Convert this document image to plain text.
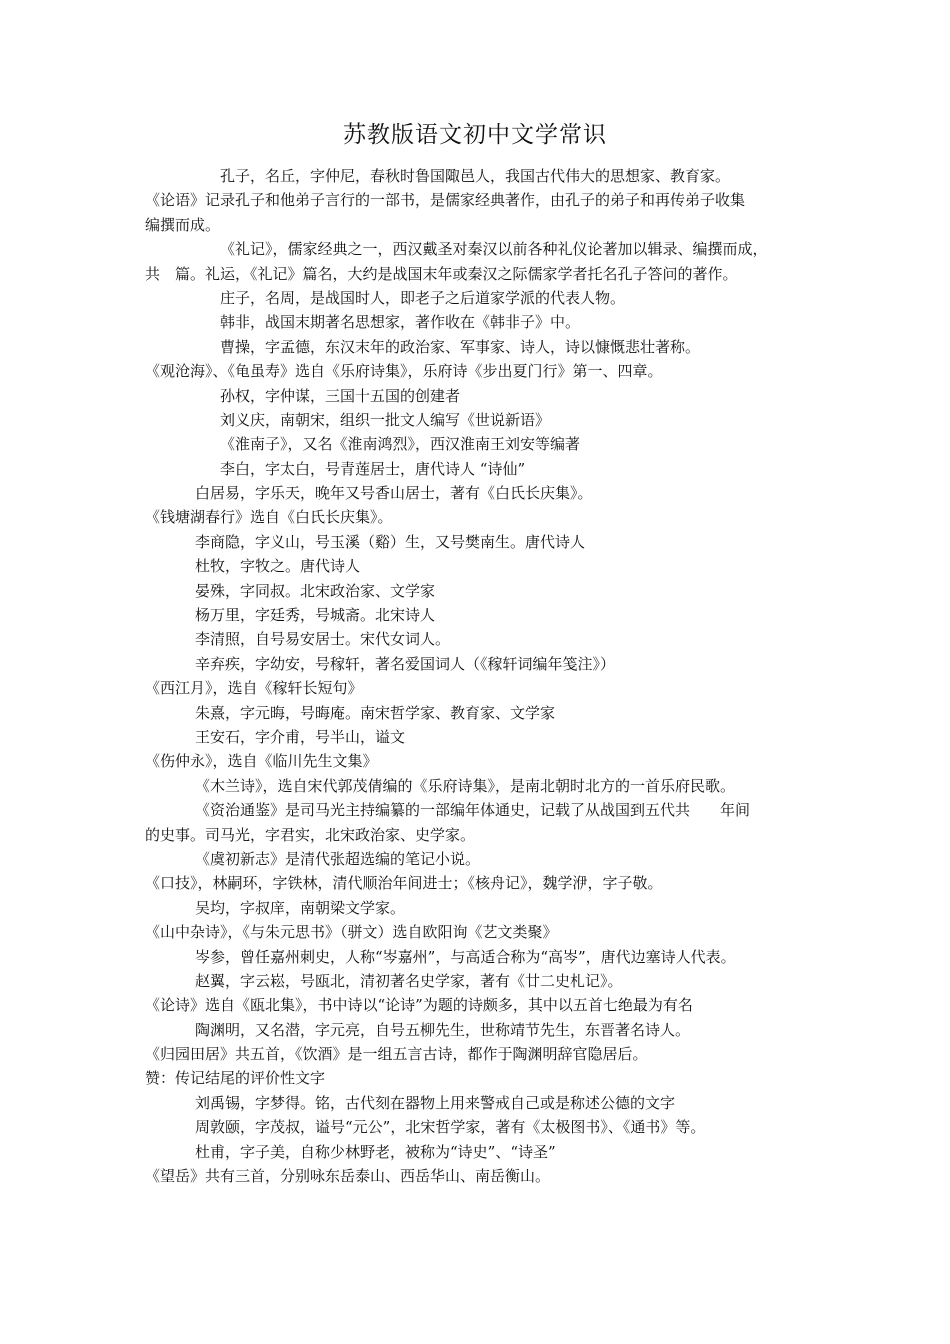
苏教版语文初中文学常识
孔子，名丘，字仲尼，春秋时鲁国陬邑人，我国古代伟大的思想家、教育家。
《论语》记录孔子和他弟子言行的一部书，是儒家经典著作，由孔子的弟子和再传弟子收集
编撰而成。
《礼记》，儒家经典之一，西汉戴圣对秦汉以前各种礼仪论著加以辑录、编撰而成，
共　篇。礼运，《礼记》篇名，大约是战国末年或秦汉之际儒家学者托名孔子答问的著作。
庄子，名周，是战国时人，即老子之后道家学派的代表人物。
韩非，战国末期著名思想家，著作收在《韩非子》中。
曹操，字孟德，东汉末年的政治家、军事家、诗人，诗以慷慨悲壮著称。
《观沧海》、《龟虽寿》选自《乐府诗集》，乐府诗《步出夏门行》第一、四章。
孙权，字仲谋，三国十五国的创建者
刘义庆，南朝宋，组织一批文人编写《世说新语》
《淮南子》，又名《淮南鸿烈》，西汉淮南王刘安等编著
李白，字太白，号青莲居士，唐代诗人 “诗仙”
白居易，字乐天，晚年又号香山居士，著有《白氏长庆集》。
《钱塘湖春行》选自《白氏长庆集》。
李商隐，字义山，号玉溪（谿）生，又号樊南生。唐代诗人
杜牧，字牧之。唐代诗人
晏殊，字同叔。北宋政治家、文学家
杨万里，字廷秀，号城斋。北宋诗人
李清照，自号易安居士。宋代女词人。
辛弃疾，字幼安，号稼轩，著名爱国词人（《稼轩词编年笺注》）
《西江月》，选自《稼轩长短句》
朱熹，字元晦，号晦庵。南宋哲学家、教育家、文学家
王安石，字介甫，号半山，谥文
《伤仲永》，选自《临川先生文集》
《木兰诗》，选自宋代郭茂倩编的《乐府诗集》，是南北朝时北方的一首乐府民歌。
《资治通鉴》是司马光主持编纂的一部编年体通史，记载了从战国到五代共　　年间
的史事。司马光，字君实，北宋政治家、史学家。
《虞初新志》是清代张超选编的笔记小说。
《口技》，林嗣环，字铁林，清代顺治年间进士；《核舟记》，魏学洢，字子敬。
吴均，字叔庠，南朝梁文学家。
《山中杂诗》，《与朱元思书》（骈文）选自欧阳询《艺文类聚》
岑参，曾任嘉州刺史，人称“岑嘉州”，与高适合称为“高岑”，唐代边塞诗人代表。
赵翼，字云崧，号瓯北，清初著名史学家，著有《廿二史札记》。
《论诗》选自《瓯北集》，书中诗以“论诗”为题的诗颇多，其中以五首七绝最为有名
陶渊明，又名潜，字元亮，自号五柳先生，世称靖节先生，东晋著名诗人。
《归园田居》共五首，《饮酒》是一组五言古诗，都作于陶渊明辞官隐居后。
赞：传记结尾的评价性文字
刘禹锡，字梦得。铭，古代刻在器物上用来警戒自己或是称述公德的文字
周敦颐，字茂叔，谥号“元公”，北宋哲学家，著有《太极图书》、《通书》等。
杜甫，字子美，自称少林野老，被称为“诗史”、“诗圣”
《望岳》共有三首，分别咏东岳泰山、西岳华山、南岳衡山。
